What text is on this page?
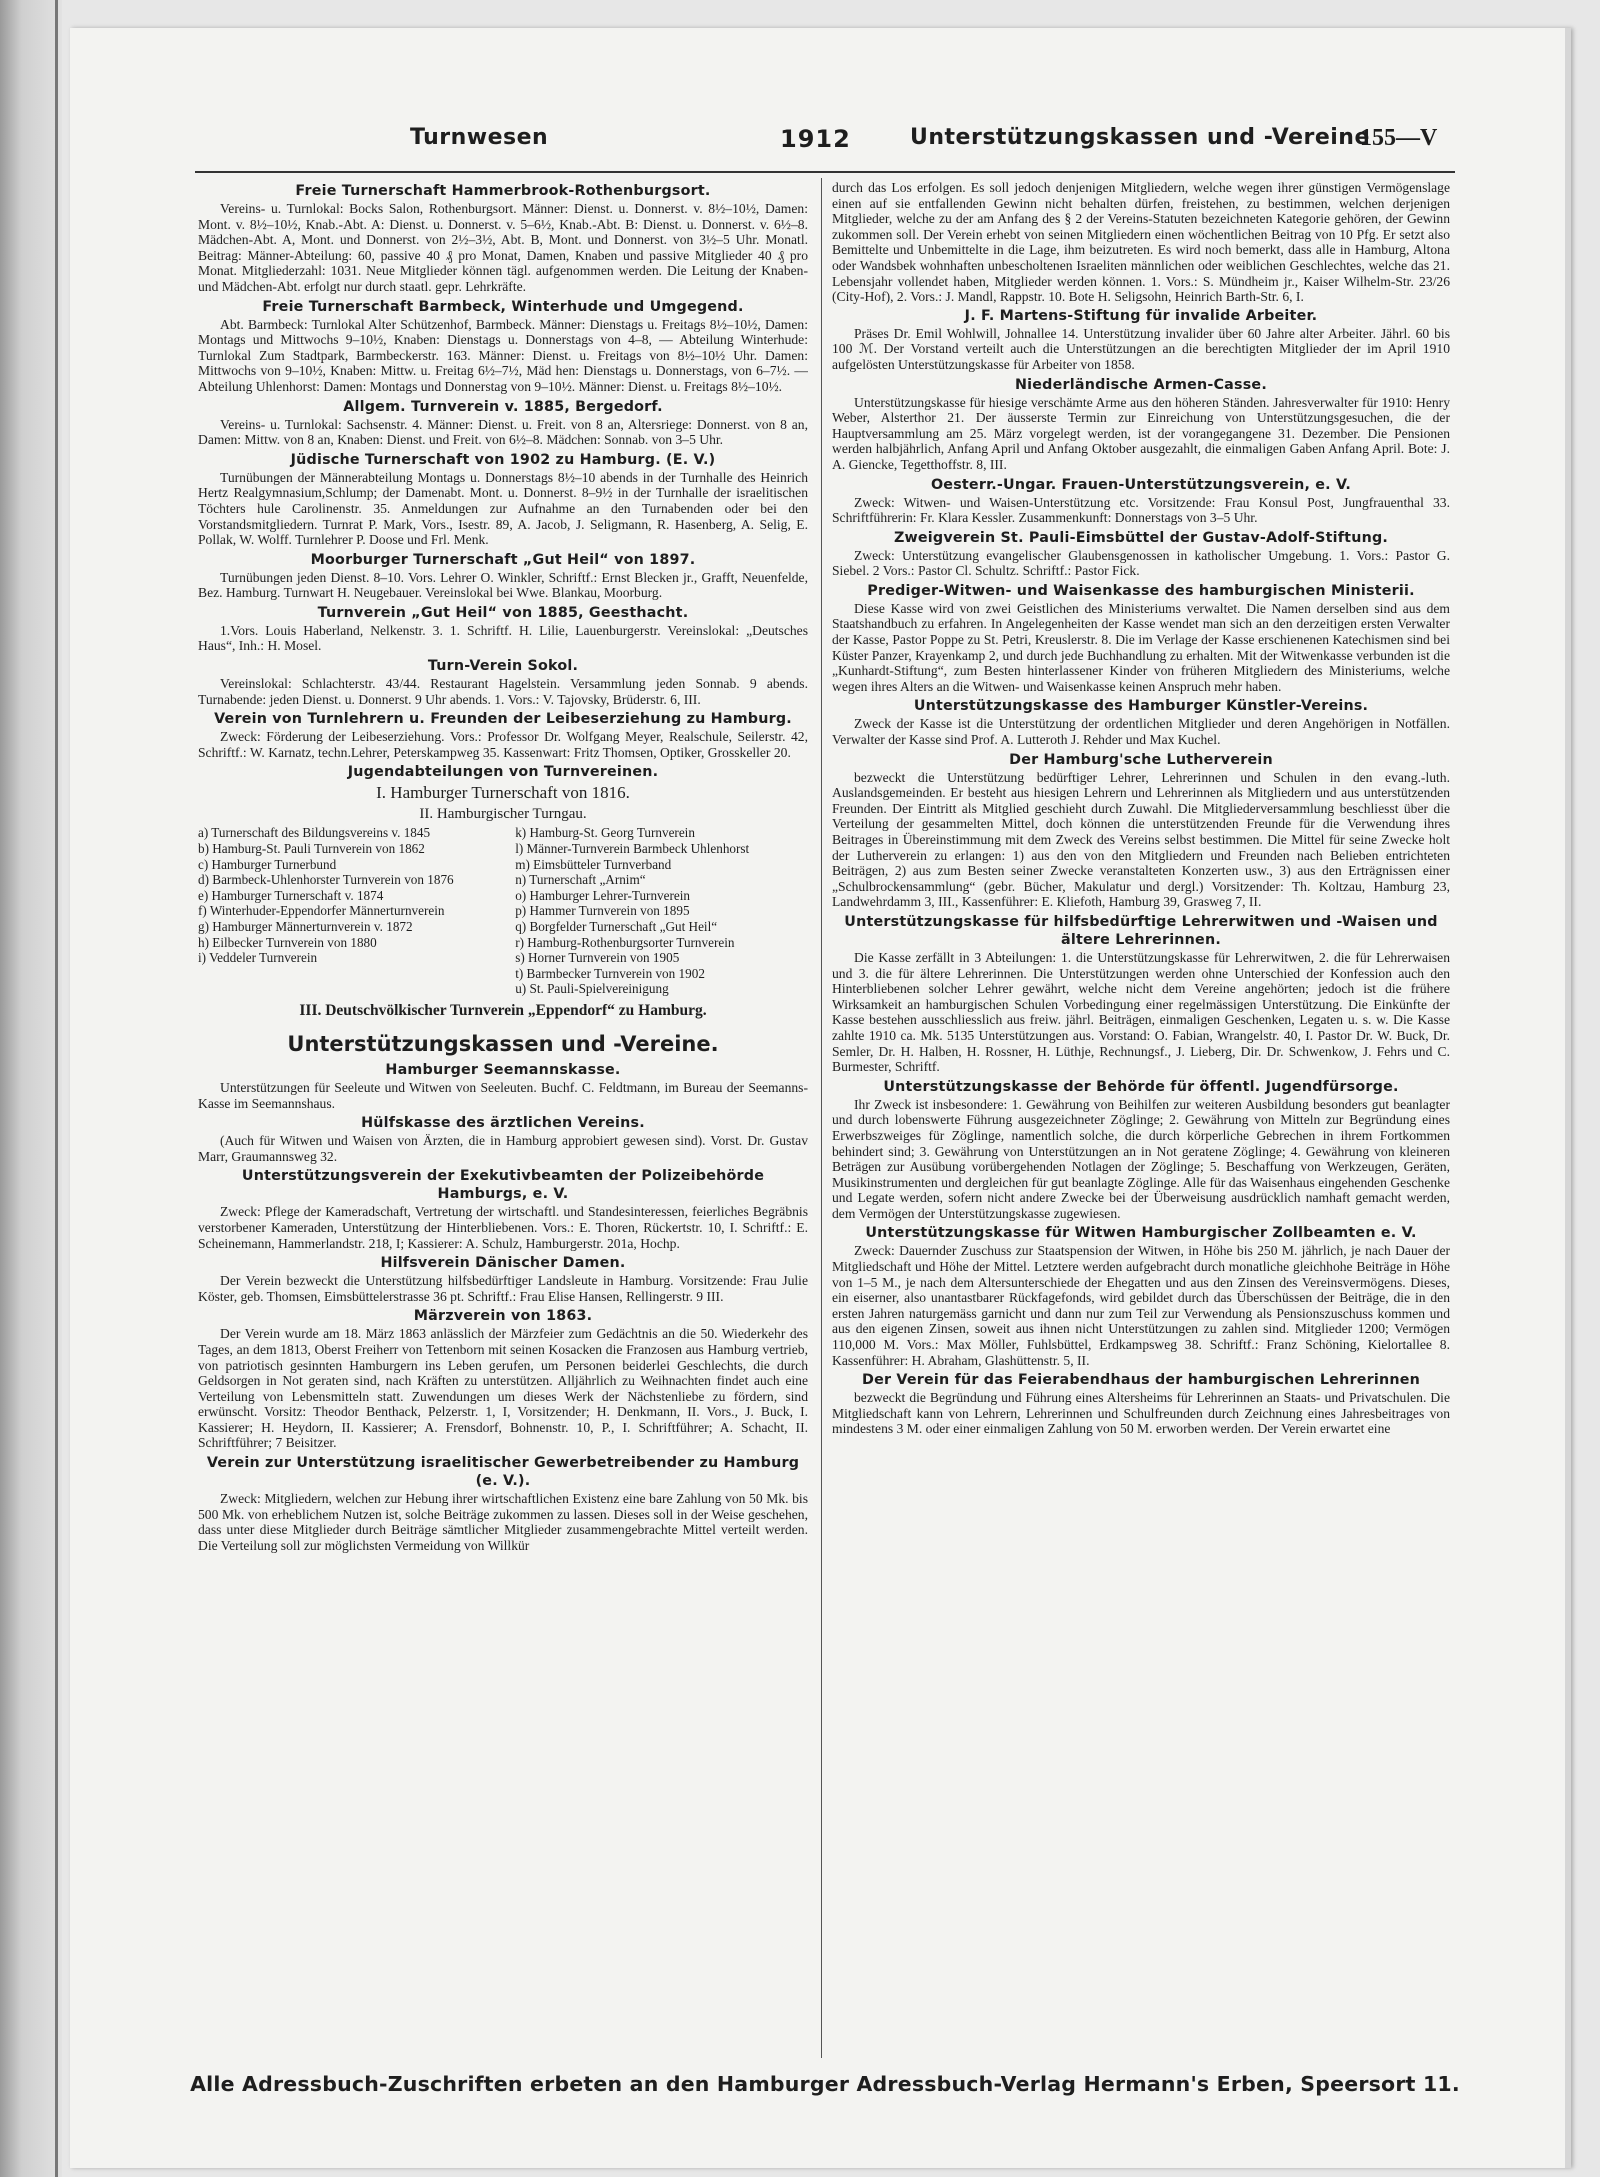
Turnwesen	1912	Unterstützungskassen und -Vereine
155—V
Freie Turnerschaft Hammerbrook-Rothenburgsort.

Vereins- u. Turnlokal: Bocks Salon, Rothenburgsort. Männer: Dienst. u. Donnerst. v. 8½–10½, Damen: Mont. v. 8½–10½, Knab.-Abt. A: Dienst. u. Donnerst. v. 5–6½, Knab.-Abt. B: Dienst. u. Donnerst. v. 6½–8. Mädchen-Abt. A, Mont. und Donnerst. von 2½–3½, Abt. B, Mont. und Donnerst. von 3½–5 Uhr. Monatl. Beitrag: Männer-Abteilung: 60, passive 40 ₰ pro Monat, Damen, Knaben und passive Mitglieder 40 ₰ pro Monat. Mitgliederzahl: 1031. Neue Mitglieder können tägl. aufgenommen werden. Die Leitung der Knaben- und Mädchen-Abt. erfolgt nur durch staatl. gepr. Lehrkräfte.

Freie Turnerschaft Barmbeck, Winterhude und Umgegend.

Abt. Barmbeck: Turnlokal Alter Schützenhof, Barmbeck. Männer: Dienstags u. Freitags 8½–10½, Damen: Montags und Mittwochs 9–10½, Knaben: Dienstags u. Donnerstags von 4–8, — Abteilung Winterhude: Turnlokal Zum Stadtpark, Barmbeckerstr. 163. Männer: Dienst. u. Freitags von 8½–10½ Uhr. Damen: Mittwochs von 9–10½, Knaben: Mittw. u. Freitag 6½–7½, Mäd hen: Dienstags u. Donnerstags, von 6–7½. — Abteilung Uhlenhorst: Damen: Montags und Donnerstag von 9–10½. Männer: Dienst. u. Freitags 8½–10½.

Allgem. Turnverein v. 1885, Bergedorf.

Vereins- u. Turnlokal: Sachsenstr. 4. Männer: Dienst. u. Freit. von 8 an, Altersriege: Donnerst. von 8 an, Damen: Mittw. von 8 an, Knaben: Dienst. und Freit. von 6½–8. Mädchen: Sonnab. von 3–5 Uhr.

Jüdische Turnerschaft von 1902 zu Hamburg. (E. V.)

Turnübungen der Männerabteilung Montags u. Donnerstags 8½–10 abends in der Turnhalle des Heinrich Hertz Realgymnasium,Schlump; der Damenabt. Mont. u. Donnerst. 8–9½ in der Turnhalle der israelitischen Töchters hule Carolinenstr. 35. Anmeldungen zur Aufnahme an den Turnabenden oder bei den Vorstandsmitgliedern. Turnrat P. Mark, Vors., Isestr. 89, A. Jacob, J. Seligmann, R. Hasenberg, A. Selig, E. Pollak, W. Wolff. Turnlehrer P. Doose und Frl. Menk.

Moorburger Turnerschaft „Gut Heil“ von 1897.

Turnübungen jeden Dienst. 8–10. Vors. Lehrer O. Winkler, Schriftf.: Ernst Blecken jr., Grafft, Neuenfelde, Bez. Hamburg. Turnwart H. Neugebauer. Vereinslokal bei Wwe. Blankau, Moorburg.

Turnverein „Gut Heil“ von 1885, Geesthacht.

1.Vors. Louis Haberland, Nelkenstr. 3. 1. Schriftf. H. Lilie, Lauenburgerstr. Vereinslokal: „Deutsches Haus“, Inh.: H. Mosel.

Turn-Verein Sokol.

Vereinslokal: Schlachterstr. 43/44. Restaurant Hagelstein. Versammlung jeden Sonnab. 9 abends. Turnabende: jeden Dienst. u. Donnerst. 9 Uhr abends. 1. Vors.: V. Tajovsky, Brüderstr. 6, III.

Verein von Turnlehrern u. Freunden der Leibeserziehung zu Hamburg.

Zweck: Förderung der Leibeserziehung. Vors.: Professor Dr. Wolfgang Meyer, Realschule, Seilerstr. 42, Schriftf.: W. Karnatz, techn.Lehrer, Peterskampweg 35. Kassenwart: Fritz Thomsen, Optiker, Grosskeller 20.

Jugendabteilungen von Turnvereinen.
I. Hamburger Turnerschaft von 1816.
II. Hamburgischer Turngau.
a) Turnerschaft des Bildungsvereins v. 1845
b) Hamburg-St. Pauli Turnverein von 1862
c) Hamburger Turnerbund
d) Barmbeck-Uhlenhorster Turnverein von 1876
e) Hamburger Turnerschaft v. 1874
f) Winterhuder-Eppendorfer Männerturnverein
g) Hamburger Männerturnverein v. 1872
h) Eilbecker Turnverein von 1880
i) Veddeler Turnverein
k) Hamburg-St. Georg Turnverein
l) Männer-Turnverein Barmbeck Uhlenhorst
m) Eimsbütteler Turnverband
n) Turnerschaft „Arnim“
o) Hamburger Lehrer-Turnverein
p) Hammer Turnverein von 1895
q) Borgfelder Turnerschaft „Gut Heil“
r) Hamburg-Rothenburgsorter Turnverein
s) Horner Turnverein von 1905
t) Barmbecker Turnverein von 1902
u) St. Pauli-Spielvereinigung
III. Deutschvölkischer Turnverein „Eppendorf“ zu Hamburg.
Unterstützungskassen und -Vereine.
Hamburger Seemannskasse.

Unterstützungen für Seeleute und Witwen von Seeleuten. Buchf. C. Feldtmann, im Bureau der Seemanns-Kasse im Seemannshaus.

Hülfskasse des ärztlichen Vereins.

(Auch für Witwen und Waisen von Ärzten, die in Hamburg approbiert gewesen sind). Vorst. Dr. Gustav Marr, Graumannsweg 32.

Unterstützungsverein der Exekutivbeamten der Polizeibehörde Hamburgs, e. V.

Zweck: Pflege der Kameradschaft, Vertretung der wirtschaftl. und Standesinteressen, feierliches Begräbnis verstorbener Kameraden, Unterstützung der Hinterbliebenen. Vors.: E. Thoren, Rückertstr. 10, I. Schriftf.: E. Scheinemann, Hammerlandstr. 218, I; Kassierer: A. Schulz, Hamburgerstr. 201a, Hochp.

Hilfsverein Dänischer Damen.

Der Verein bezweckt die Unterstützung hilfsbedürftiger Landsleute in Hamburg. Vorsitzende: Frau Julie Köster, geb. Thomsen, Eimsbüttelerstrasse 36 pt. Schriftf.: Frau Elise Hansen, Rellingerstr. 9 III.

Märzverein von 1863.

Der Verein wurde am 18. März 1863 anlässlich der Märzfeier zum Gedächtnis an die 50. Wiederkehr des Tages, an dem 1813, Oberst Freiherr von Tettenborn mit seinen Kosacken die Franzosen aus Hamburg vertrieb, von patriotisch gesinnten Hamburgern ins Leben gerufen, um Personen beiderlei Geschlechts, die durch Geldsorgen in Not geraten sind, nach Kräften zu unterstützen. Alljährlich zu Weihnachten findet auch eine Verteilung von Lebensmitteln statt. Zuwendungen um dieses Werk der Nächstenliebe zu fördern, sind erwünscht. Vorsitz: Theodor Benthack, Pelzerstr. 1, I, Vorsitzender; H. Denkmann, II. Vors., J. Buck, I. Kassierer; H. Heydorn, II. Kassierer; A. Frensdorf, Bohnenstr. 10, P., I. Schriftführer; A. Schacht, II. Schriftführer; 7 Beisitzer.

Verein zur Unterstützung israelitischer Gewerbetreibender zu Hamburg (e. V.).

Zweck: Mitgliedern, welchen zur Hebung ihrer wirtschaftlichen Existenz eine bare Zahlung von 50 Mk. bis 500 Mk. von erheblichem Nutzen ist, solche Beiträge zukommen zu lassen. Dieses soll in der Weise geschehen, dass unter diese Mitglieder durch Beiträge sämtlicher Mitglieder zusammengebrachte Mittel verteilt werden. Die Verteilung soll zur möglichsten Vermeidung von Willkür

durch das Los erfolgen. Es soll jedoch denjenigen Mitgliedern, welche wegen ihrer günstigen Vermögenslage einen auf sie entfallenden Gewinn nicht behalten dürfen, freistehen, zu bestimmen, welchen derjenigen Mitglieder, welche zu der am Anfang des § 2 der Vereins-Statuten bezeichneten Kategorie gehören, der Gewinn zukommen soll. Der Verein erhebt von seinen Mitgliedern einen wöchentlichen Beitrag von 10 Pfg. Er setzt also Bemittelte und Unbemittelte in die Lage, ihm beizutreten. Es wird noch bemerkt, dass alle in Hamburg, Altona oder Wandsbek wohnhaften unbescholtenen Israeliten männlichen oder weiblichen Geschlechtes, welche das 21. Lebensjahr vollendet haben, Mitglieder werden können. 1. Vors.: S. Mündheim jr., Kaiser Wilhelm-Str. 23/26 (City-Hof), 2. Vors.: J. Mandl, Rappstr. 10. Bote H. Seligsohn, Heinrich Barth-Str. 6, I.

J. F. Martens-Stiftung für invalide Arbeiter.

Präses Dr. Emil Wohlwill, Johnallee 14. Unterstützung invalider über 60 Jahre alter Arbeiter. Jährl. 60 bis 100 ℳ. Der Vorstand verteilt auch die Unterstützungen an die berechtigten Mitglieder der im April 1910 aufgelösten Unterstützungskasse für Arbeiter von 1858.

Niederländische Armen-Casse.

Unterstützungskasse für hiesige verschämte Arme aus den höheren Ständen. Jahresverwalter für 1910: Henry Weber, Alsterthor 21. Der äusserste Termin zur Einreichung von Unterstützungsgesuchen, die der Hauptversammlung am 25. März vorgelegt werden, ist der vorangegangene 31. Dezember. Die Pensionen werden halbjährlich, Anfang April und Anfang Oktober ausgezahlt, die einmaligen Gaben Anfang April. Bote: J. A. Giencke, Tegetthoffstr. 8, III.

Oesterr.-Ungar. Frauen-Unterstützungsverein, e. V.

Zweck: Witwen- und Waisen-Unterstützung etc. Vorsitzende: Frau Konsul Post, Jungfrauenthal 33. Schriftführerin: Fr. Klara Kessler. Zusammenkunft: Donnerstags von 3–5 Uhr.

Zweigverein St. Pauli-Eimsbüttel der Gustav-Adolf-Stiftung.

Zweck: Unterstützung evangelischer Glaubensgenossen in katholischer Umgebung. 1. Vors.: Pastor G. Siebel. 2 Vors.: Pastor Cl. Schultz. Schriftf.: Pastor Fick.

Prediger-Witwen- und Waisenkasse des hamburgischen Ministerii.

Diese Kasse wird von zwei Geistlichen des Ministeriums verwaltet. Die Namen derselben sind aus dem Staatshandbuch zu erfahren. In Angelegenheiten der Kasse wendet man sich an den derzeitigen ersten Verwalter der Kasse, Pastor Poppe zu St. Petri, Kreuslerstr. 8. Die im Verlage der Kasse erschienenen Katechismen sind bei Küster Panzer, Krayenkamp 2, und durch jede Buchhandlung zu erhalten. Mit der Witwenkasse verbunden ist die „Kunhardt-Stiftung“, zum Besten hinterlassener Kinder von früheren Mitgliedern des Ministeriums, welche wegen ihres Alters an die Witwen- und Waisenkasse keinen Anspruch mehr haben.

Unterstützungskasse des Hamburger Künstler-Vereins.

Zweck der Kasse ist die Unterstützung der ordentlichen Mitglieder und deren Angehörigen in Notfällen. Verwalter der Kasse sind Prof. A. Lutteroth J. Rehder und Max Kuchel.

Der Hamburg'sche Lutherverein

bezweckt die Unterstützung bedürftiger Lehrer, Lehrerinnen und Schulen in den evang.-luth. Auslandsgemeinden. Er besteht aus hiesigen Lehrern und Lehrerinnen als Mitgliedern und aus unterstützenden Freunden. Der Eintritt als Mitglied geschieht durch Zuwahl. Die Mitgliederversammlung beschliesst über die Verteilung der gesammelten Mittel, doch können die unterstützenden Freunde für die Verwendung ihres Beitrages in Übereinstimmung mit dem Zweck des Vereins selbst bestimmen. Die Mittel für seine Zwecke holt der Lutherverein zu erlangen: 1) aus den von den Mitgliedern und Freunden nach Belieben entrichteten Beiträgen, 2) aus zum Besten seiner Zwecke veranstalteten Konzerten usw., 3) aus den Erträgnissen einer „Schulbrockensammlung“ (gebr. Bücher, Makulatur und dergl.) Vorsitzender: Th. Koltzau, Hamburg 23, Landwehrdamm 3, III., Kassenführer: E. Kliefoth, Hamburg 39, Grasweg 7, II.

Unterstützungskasse für hilfsbedürftige Lehrerwitwen und -Waisen und ältere Lehrerinnen.

Die Kasse zerfällt in 3 Abteilungen: 1. die Unterstützungskasse für Lehrerwitwen, 2. die für Lehrerwaisen und 3. die für ältere Lehrerinnen. Die Unterstützungen werden ohne Unterschied der Konfession auch den Hinterbliebenen solcher Lehrer gewährt, welche nicht dem Vereine angehörten; jedoch ist die frühere Wirksamkeit an hamburgischen Schulen Vorbedingung einer regelmässigen Unterstützung. Die Einkünfte der Kasse bestehen ausschliesslich aus freiw. jährl. Beiträgen, einmaligen Geschenken, Legaten u. s. w. Die Kasse zahlte 1910 ca. Mk. 5135 Unterstützungen aus. Vorstand: O. Fabian, Wrangelstr. 40, I. Pastor Dr. W. Buck, Dr. Semler, Dr. H. Halben, H. Rossner, H. Lüthje, Rechnungsf., J. Lieberg, Dir. Dr. Schwenkow, J. Fehrs und C. Burmester, Schriftf.

Unterstützungskasse der Behörde für öffentl. Jugendfürsorge.

Ihr Zweck ist insbesondere: 1. Gewährung von Beihilfen zur weiteren Ausbildung besonders gut beanlagter und durch lobenswerte Führung ausgezeichneter Zöglinge; 2. Gewährung von Mitteln zur Begründung eines Erwerbszweiges für Zöglinge, namentlich solche, die durch körperliche Gebrechen in ihrem Fortkommen behindert sind; 3. Gewährung von Unterstützungen an in Not geratene Zöglinge; 4. Gewährung von kleineren Beträgen zur Ausübung vorübergehenden Notlagen der Zöglinge; 5. Beschaffung von Werkzeugen, Geräten, Musikinstrumenten und dergleichen für gut beanlagte Zöglinge. Alle für das Waisenhaus eingehenden Geschenke und Legate werden, sofern nicht andere Zwecke bei der Überweisung ausdrücklich namhaft gemacht werden, dem Vermögen der Unterstützungskasse zugewiesen.

Unterstützungskasse für Witwen Hamburgischer Zollbeamten e. V.

Zweck: Dauernder Zuschuss zur Staatspension der Witwen, in Höhe bis 250 M. jährlich, je nach Dauer der Mitgliedschaft und Höhe der Mittel. Letztere werden aufgebracht durch monatliche gleichhohe Beiträge in Höhe von 1–5 M., je nach dem Altersunterschiede der Ehegatten und aus den Zinsen des Vereinsvermögens. Dieses, ein eiserner, also unantastbarer Rückfagefonds, wird gebildet durch das Überschüssen der Beiträge, die in den ersten Jahren naturgemäss garnicht und dann nur zum Teil zur Verwendung als Pensionszuschuss kommen und aus den eigenen Zinsen, soweit aus ihnen nicht Unterstützungen zu zahlen sind. Mitglieder 1200; Vermögen 110,000 M. Vors.: Max Möller, Fuhlsbüttel, Erdkampsweg 38. Schriftf.: Franz Schöning, Kielortallee 8. Kassenführer: H. Abraham, Glashüttenstr. 5, II.

Der Verein für das Feierabendhaus der hamburgischen Lehrerinnen

bezweckt die Begründung und Führung eines Altersheims für Lehrerinnen an Staats- und Privatschulen. Die Mitgliedschaft kann von Lehrern, Lehrerinnen und Schulfreunden durch Zeichnung eines Jahresbeitrages von mindestens 3 M. oder einer einmaligen Zahlung von 50 M. erworben werden. Der Verein erwartet eine

Alle Adressbuch-Zuschriften erbeten an den Hamburger Adressbuch-Verlag Hermann's Erben, Speersort 11.
